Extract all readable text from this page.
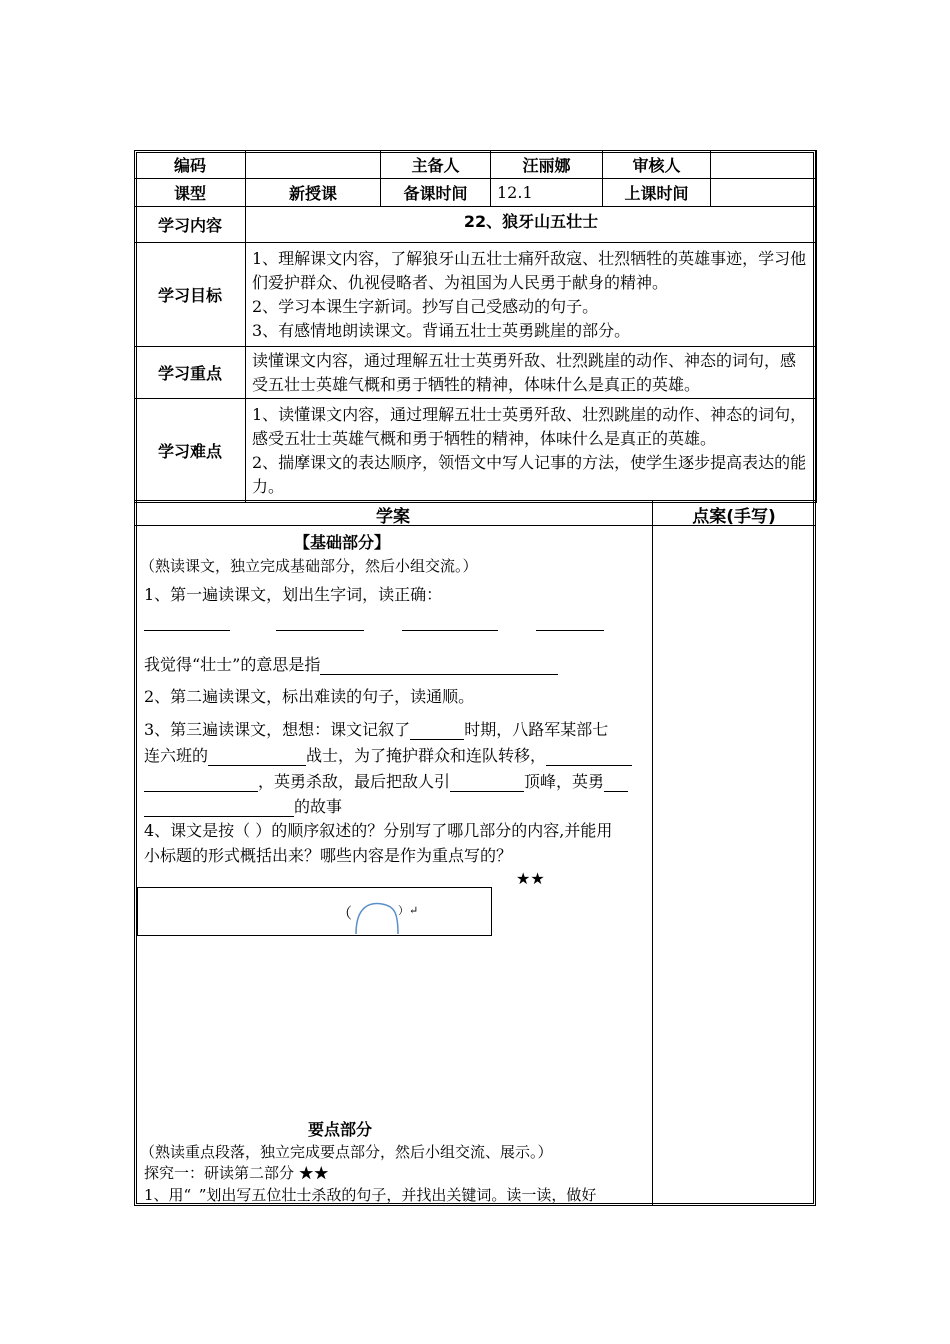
编码		主备人	汪丽娜	审核人	
课型	新授课	备课时间	12.1	上课时间	
学习内容	22、狼牙山五壮士				
学习目标	1、理解课文内容，了解狼牙山五壮士痛歼敌寇、壮烈牺牲的英雄事迹，学习他们爱护群众、仇视侵略者、为祖国为人民勇于献身的精神。
2、学习本课生字新词。抄写自己受感动的句子。
3、有感情地朗读课文。背诵五壮士英勇跳崖的部分。				

学习重点	读懂课文内容，通过理解五壮士英勇歼敌、壮烈跳崖的动作、神态的词句，感受五壮士英雄气概和勇于牺牲的精神，体味什么是真正的英雄。				
学习难点	1、读懂课文内容，通过理解五壮士英勇歼敌、壮烈跳崖的动作、神态的词句，感受五壮士英雄气概和勇于牺牲的精神，体味什么是真正的英雄。
2、揣摩课文的表达顺序，领悟文中写人记事的方法，使学生逐步提高表达的能力。				
学案	点案(手写)
【基础部分】
（熟读课文，独立完成基础部分，然后小组交流。）
1、第一遍读课文，划出生字词，读正确：
我觉得“壮士”的意思是指
2、第二遍读课文，标出难读的句子，读通顺。
3、第三遍读课文，想想：课文记叙了	时期，八路军某部七
连六班的	战士，为了掩护群众和连队转移，
，英勇杀敌，最后把敌人引	顶峰，英勇
的故事
4、课文是按（ ）的顺序叙述的？分别写了哪几部分的内容,并能用
小标题的形式概括出来？哪些内容是作为重点写的？
★★
（	）↵
要点部分
（熟读重点段落，独立完成要点部分，然后小组交流、展示。）
探究一：研读第二部分 ★★
1、用“_”划出写五位壮士杀敌的句子，并找出关键词。读一读，做好
